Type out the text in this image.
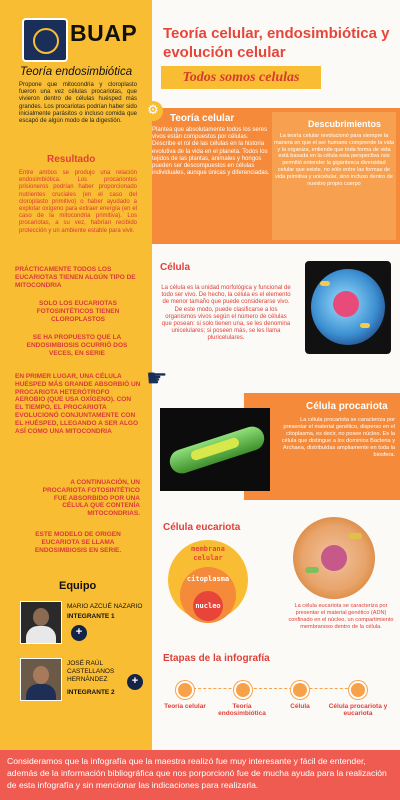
BUAP
Teoría endosimbiótica
Propone que mitocondria y cloroplasto fueron una vez células procariotas, que vivieron dentro de células huésped más grandes. Los procariotas podrían haber sido inicialmente parásitos o incluso comida que escapó de algún modo de la digestión.
Resultado
Entre ambos se produjo una relación endosimbiótica. Los procariontes prisioneros podrían haber proporcionado nutrientes cruciales (en el caso del cloroplasto primitivo) o haber ayudado a explotar oxígeno para extraer energía (en el caso de la mitocondria primitiva). Los procariotas, a su vez, habrían recibido protección y un ambiente estable para vivir.
PRÁCTICAMENTE TODOS LOS EUCARIOTAS TIENEN ALGÚN TIPO DE MITOCONDRIA
SOLO LOS EUCARIOTAS FOTOSINTÉTICOS TIENEN CLOROPLASTOS
SE HA PROPUESTO QUE LA ENDOSIMBIOSIS OCURRIÓ DOS VECES, EN SERIE
EN PRIMER LUGAR, UNA CÉLULA HUÉSPED MÁS GRANDE ABSORBIÓ UN PROCARIOTA HETERÓTROFO AEROBIO (QUE USA OXÍGENO). CON EL TIEMPO, EL PROCARIOTA EVOLUCIONÓ CONJUNTAMENTE CON EL HUÉSPED, LLEGANDO A SER ALGO ASÍ COMO UNA MITOCONDRIA
A CONTINUACIÓN, UN PROCARIOTA FOTOSINTÉTICO FUE ABSORBIDO POR UNA CÉLULA QUE CONTENÍA MITOCONDRIAS.
ESTE MODELO DE ORIGEN EUCARIOTA SE LLAMA ENDOSIMBIOSIS EN SERIE.
Equipo
MARIO AZCUÉ NAZARIO
INTEGRANTE 1
+
JOSÉ RAÚL CASTELLANOS HERNÁNDEZ
INTEGRANTE 2
+
Teoría celular, endosimbiótica y evolución celular
Todos somos celulas
⚙
Teoría celular
Plantea que absolutamente todos los seres vivos están compuestos por células. Describe el rol de las células en la historia evolutiva de la vida en el planeta. Todos los tejidos de las plantas, animales y hongos pueden ser descompuestos en células individuales, aunque únicas y diferenciadas.
Descubrimientos
La teoría celular revolucionó para siempre la manera en que el ser humano comprende la vida y la organiza, entiende que toda forma de vida está basada en la célula esta perspectiva nos permitió entender la gigantesca diversidad celular que existe, no sólo entre las formas de vida primitiva y unicelular, sino incluso dentro de nuestro propio cuerpo
Célula
La célula es la unidad morfológica y funcional de todo ser vivo. De hecho, la célula es el elemento de menor tamaño que puede considerarse vivo. De este modo, puede clasificarse a los organismos vivos según el número de células que posean: si solo tienen una, se les denomina unicelulares; si poseen más, se les llama pluricelulares.
☛
Célula procariota
La célula procariota se caracteriza por presentar el material genético, disperso en el citoplasma, es decir, no posee núcleo. Es la célula que distingue a los dominios Bacteria y Archaea, distribuidas ampliamente en toda la biosfera.
Célula eucariota
membrana celular
citoplasma
nucleo	La célula eucariota se caracteriza por presentar el material genético (ADN) confinado en el núcleo, un compartimiento membranoso dentro de la célula.
Etapas de la infografía
Teoría celular	Teoría endosimbiótica
Célula	Célula procariota y eucariota
Consideramos que la infografía que la maestra realizó fue muy interesante y fácil de entender, además de la información bibliográfica que nos porporcionó fue de mucha ayuda para la realización de esta infografía y sin mencionar las indicaciones para realizarla.
